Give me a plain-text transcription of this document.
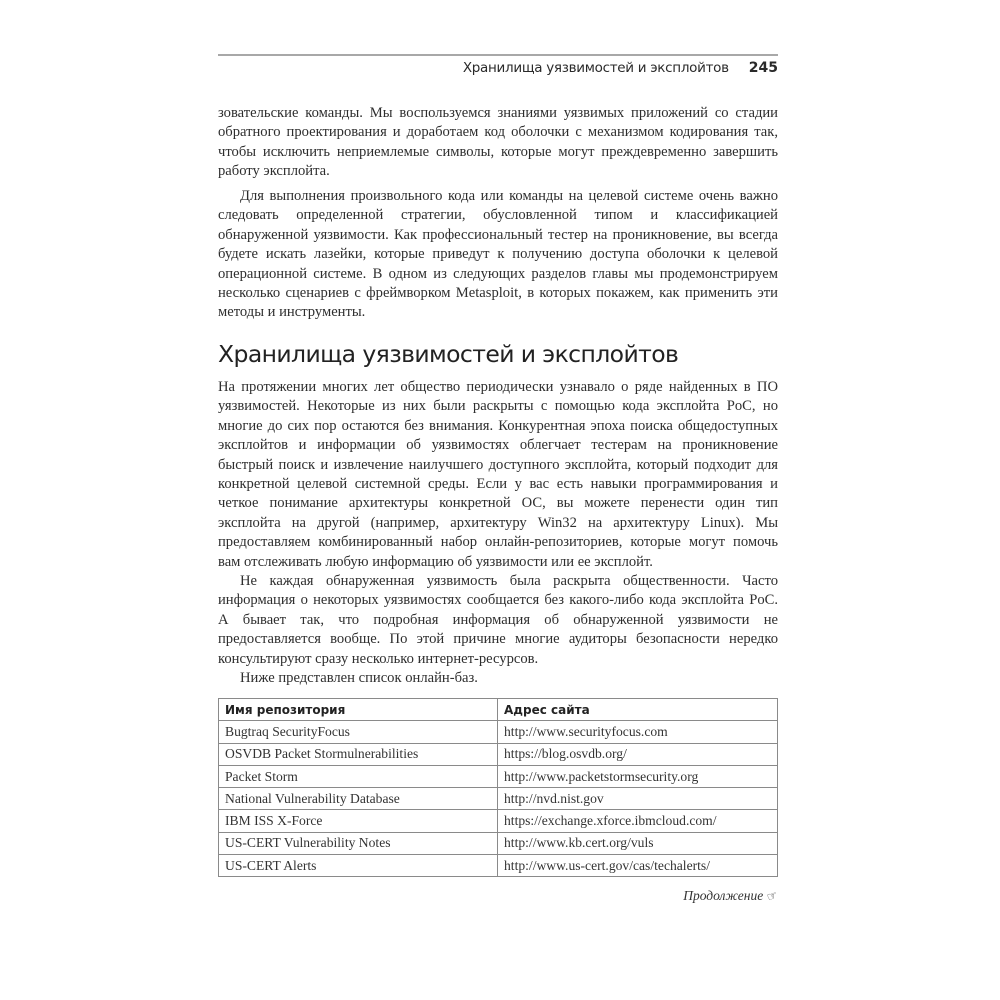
Хранилища уязвимостей и эксплойтов 245

зовательские команды. Мы воспользуемся знаниями уязвимых приложений со стадии обратного проектирования и доработаем код оболочки с механизмом кодирования так, чтобы исключить неприемлемые символы, которые могут преждевременно завершить работу эксплойта.

Для выполнения произвольного кода или команды на целевой системе очень важно следовать определенной стратегии, обусловленной типом и классификацией обнаруженной уязвимости. Как профессиональный тестер на проникновение, вы всегда будете искать лазейки, которые приведут к получению доступа оболочки к целевой операционной системе. В одном из следующих разделов главы мы продемонстрируем несколько сценариев с фреймворком Metasploit, в которых покажем, как применить эти методы и инструменты.

Хранилища уязвимостей и эксплойтов

На протяжении многих лет общество периодически узнавало о ряде найденных в ПО уязвимостей. Некоторые из них были раскрыты с помощью кода эксплойта PoC, но многие до сих пор остаются без внимания. Конкурентная эпоха поиска общедоступных эксплойтов и информации об уязвимостях облегчает тестерам на проникновение быстрый поиск и извлечение наилучшего доступного эксплойта, который подходит для конкретной целевой системной среды. Если у вас есть навыки программирования и четкое понимание архитектуры конкретной ОС, вы можете перенести один тип эксплойта на другой (например, архитектуру Win32 на архитектуру Linux). Мы предоставляем комбинированный набор онлайн-репозиториев, которые могут помочь вам отслеживать любую информацию об уязвимости или ее эксплойт.

Не каждая обнаруженная уязвимость была раскрыта общественности. Часто информация о некоторых уязвимостях сообщается без какого-либо кода эксплойта PoC. А бывает так, что подробная информация об обнаруженной уязвимости не предоставляется вообще. По этой причине многие аудиторы безопасности нередко консультируют сразу несколько интернет-ресурсов.

Ниже представлен список онлайн-баз.

Имя репозитория	Адрес сайта
Bugtraq SecurityFocus	http://www.securityfocus.com
OSVDB Packet Stormulnerabilities	https://blog.osvdb.org/
Packet Storm	http://www.packetstormsecurity.org
National Vulnerability Database	http://nvd.nist.gov
IBM ISS X-Force	https://exchange.xforce.ibmcloud.com/
US-CERT Vulnerability Notes	http://www.kb.cert.org/vuls
US-CERT Alerts	http://www.us-cert.gov/cas/techalerts/
Продолжение ☞
